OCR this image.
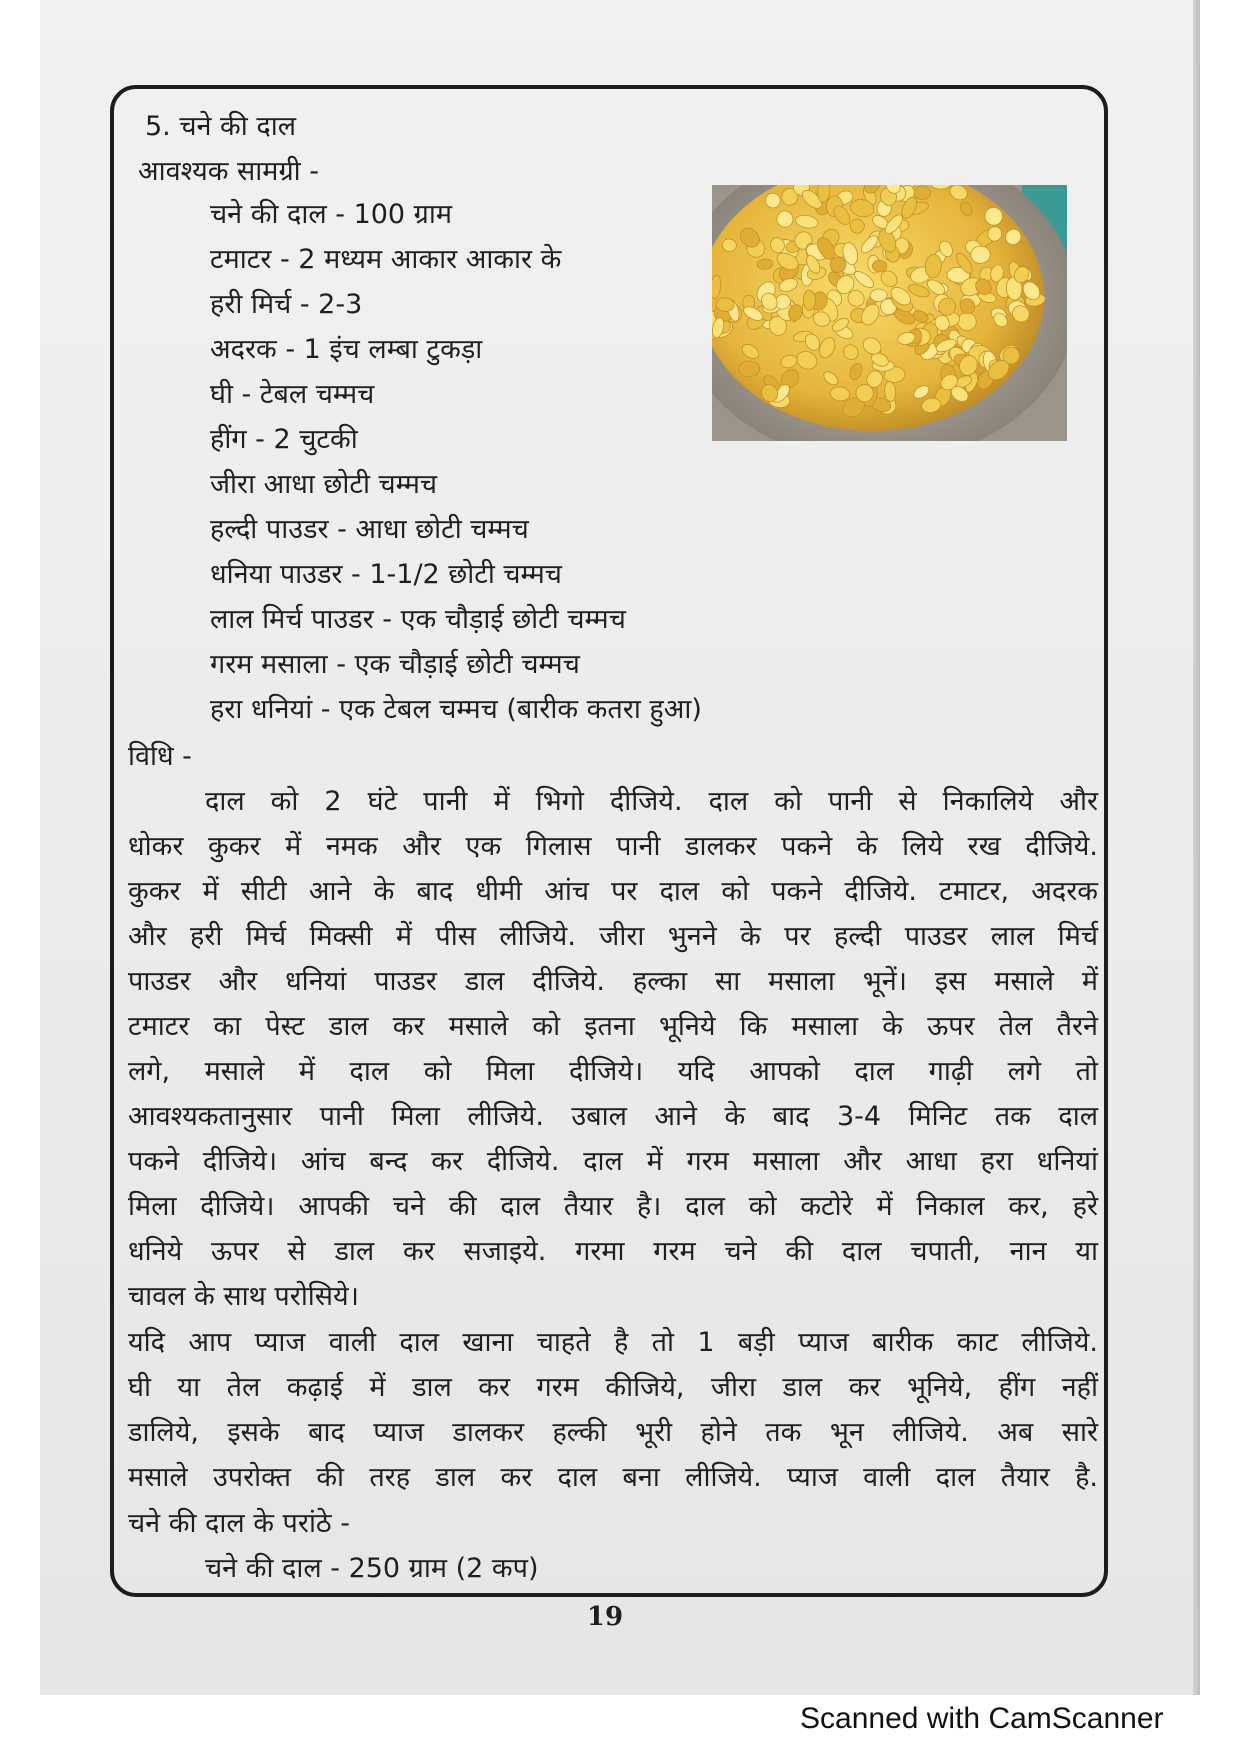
5. चने की दाल
आवश्यक सामग्री -
चने की दाल - 100 ग्राम
टमाटर - 2 मध्यम आकार आकार के
हरी मिर्च - 2-3
अदरक - 1 इंच लम्बा टुकड़ा
घी - टेबल चम्मच
हींग - 2 चुटकी
जीरा आधा छोटी चम्मच
हल्दी पाउडर - आधा छोटी चम्मच
धनिया पाउडर - 1-1/2 छोटी चम्मच
लाल मिर्च पाउडर - एक चौड़ाई छोटी चम्मच
गरम मसाला - एक चौड़ाई छोटी चम्मच
हरा धनियां - एक टेबल चम्मच (बारीक कतरा हुआ)
विधि -
दाल को 2 घंटे पानी में भिगो दीजिये. दाल को पानी से निकालिये और
धोकर कुकर में नमक और एक गिलास पानी डालकर पकने के लिये रख दीजिये.
कुकर में सीटी आने के बाद धीमी आंच पर दाल को पकने दीजिये. टमाटर, अदरक
और हरी मिर्च मिक्सी में पीस लीजिये. जीरा भुनने के पर हल्दी पाउडर लाल मिर्च
पाउडर और धनियां पाउडर डाल दीजिये. हल्का सा मसाला भूनें। इस मसाले में
टमाटर का पेस्ट डाल कर मसाले को इतना भूनिये कि मसाला के ऊपर तेल तैरने
लगे, मसाले में दाल को मिला दीजिये। यदि आपको दाल गाढ़ी लगे तो
आवश्यकतानुसार पानी मिला लीजिये. उबाल आने के बाद 3-4 मिनिट तक दाल
पकने दीजिये। आंच बन्द कर दीजिये. दाल में गरम मसाला और आधा हरा धनियां
मिला दीजिये। आपकी चने की दाल तैयार है। दाल को कटोरे में निकाल कर, हरे
धनिये ऊपर से डाल कर सजाइये. गरमा गरम चने की दाल चपाती, नान या
चावल के साथ परोसिये।
यदि आप प्याज वाली दाल खाना चाहते है तो 1 बड़ी प्याज बारीक काट लीजिये.
घी या तेल कढ़ाई में डाल कर गरम कीजिये, जीरा डाल कर भूनिये, हींग नहीं
डालिये, इसके बाद प्याज डालकर हल्की भूरी होने तक भून लीजिये. अब सारे
मसाले उपरोक्त की तरह डाल कर दाल बना लीजिये. प्याज वाली दाल तैयार है.
चने की दाल के परांठे -
चने की दाल - 250 ग्राम (2 कप)
19
Scanned with CamScanner
